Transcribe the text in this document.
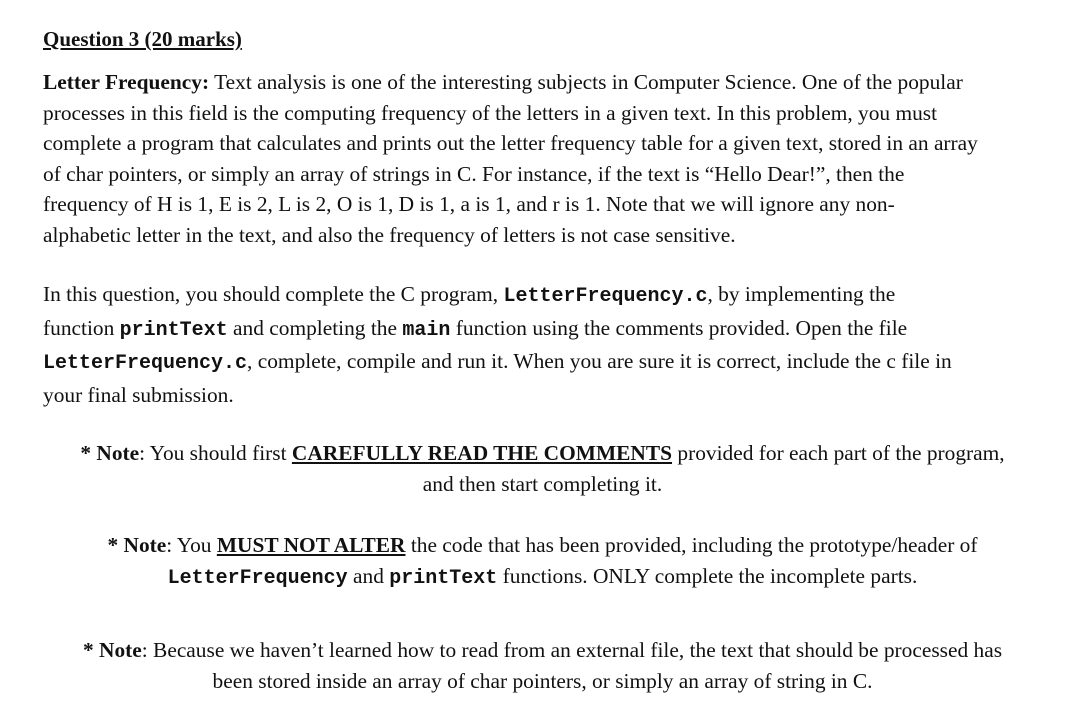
Question 3 (20 marks)
Letter Frequency: Text analysis is one of the interesting subjects in Computer Science. One of the popular
processes in this field is the computing frequency of the letters in a given text. In this problem, you must
complete a program that calculates and prints out the letter frequency table for a given text, stored in an array
of char pointers, or simply an array of strings in C. For instance, if the text is “Hello Dear!”, then the
frequency of H is 1, E is 2, L is 2, O is 1, D is 1, a is 1, and r is 1. Note that we will ignore any non-
alphabetic letter in the text, and also the frequency of letters is not case sensitive.
In this question, you should complete the C program, LetterFrequency.c, by implementing the
function printText and completing the main function using the comments provided. Open the file
LetterFrequency.c, complete, compile and run it. When you are sure it is correct, include the c file in
your final submission.
* Note: You should first CAREFULLY READ THE COMMENTS provided for each part of the program,
and then start completing it.
* Note: You MUST NOT ALTER the code that has been provided, including the prototype/header of
LetterFrequency and printText functions. ONLY complete the incomplete parts.
* Note: Because we haven’t learned how to read from an external file, the text that should be processed has
been stored inside an array of char pointers, or simply an array of string in C.
